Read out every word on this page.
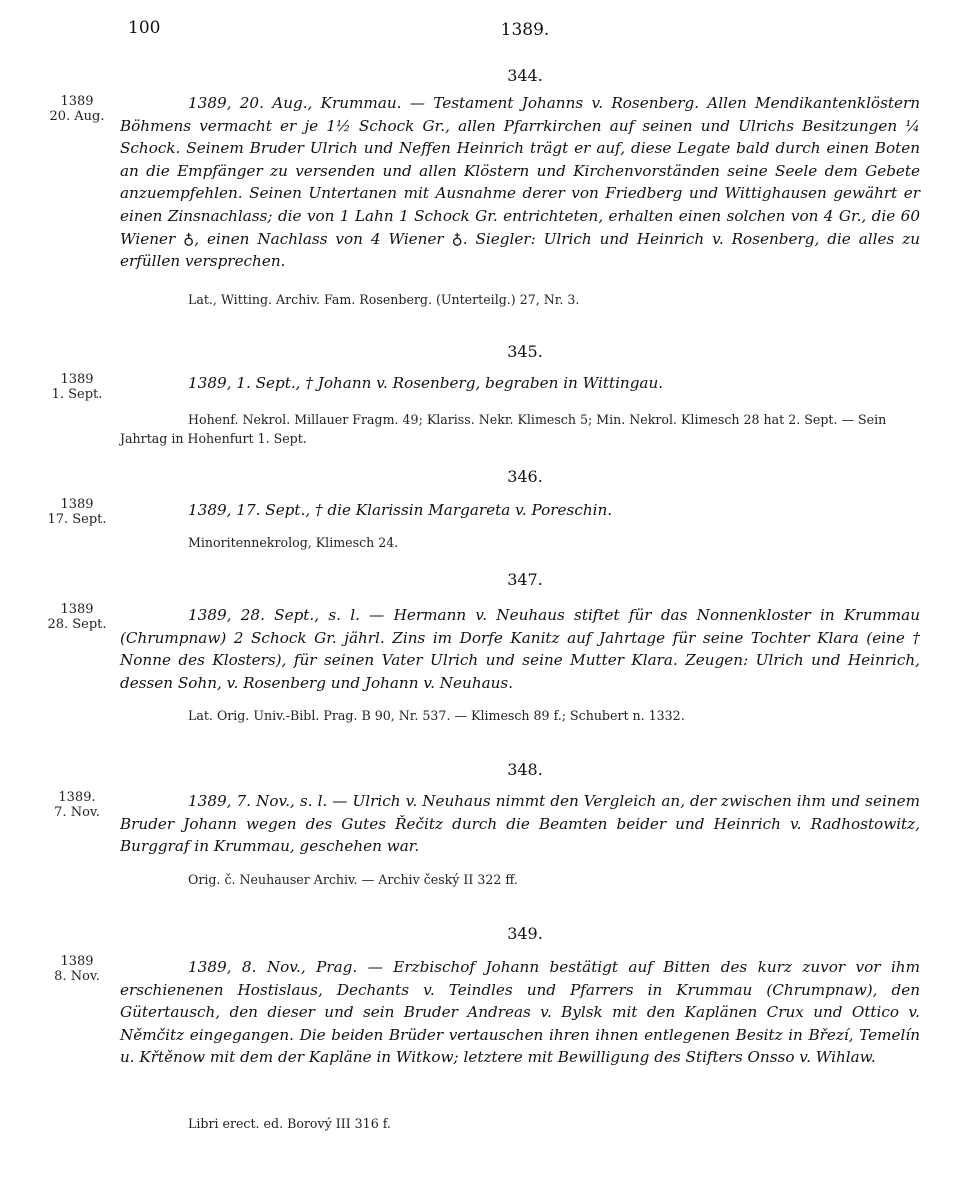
100	1389.
344.
1389
20. Aug.
1389, 20. Aug., Krummau. — Testament Johanns v. Rosenberg. Allen Mendikantenklöstern Böhmens vermacht er je 1½ Schock Gr., allen Pfarrkirchen auf seinen und Ulrichs Besitzungen ¼ Schock. Seinem Bruder Ulrich und Neffen Heinrich trägt er auf, diese Legate bald durch einen Boten an die Empfänger zu versenden und allen Klöstern und Kirchenvorständen seine Seele dem Gebete anzuempfehlen. Seinen Untertanen mit Ausnahme derer von Friedberg und Wittighausen gewährt er einen Zinsnachlass; die von 1 Lahn 1 Schock Gr. entrichteten, erhalten einen solchen von 4 Gr., die 60 Wiener ♁, einen Nachlass von 4 Wiener ♁. Siegler: Ulrich und Heinrich v. Rosenberg, die alles zu erfüllen versprechen.
Lat., Witting. Archiv. Fam. Rosenberg. (Unterteilg.) 27, Nr. 3.
345.
1389
1. Sept.
1389, 1. Sept., † Johann v. Rosenberg, begraben in Wittingau.
Hohenf. Nekrol. Millauer Fragm. 49; Klariss. Nekr. Klimesch 5; Min. Nekrol. Klimesch 28 hat 2. Sept. — Sein Jahrtag in Hohenfurt 1. Sept.
346.
1389
17. Sept.
1389, 17. Sept., † die Klarissin Margareta v. Poreschin.
Minoritennekrolog, Klimesch 24.
347.
1389
28. Sept.
1389, 28. Sept., s. l. — Hermann v. Neuhaus stiftet für das Nonnenkloster in Krummau (Chrumpnaw) 2 Schock Gr. jährl. Zins im Dorfe Kanitz auf Jahrtage für seine Tochter Klara (eine † Nonne des Klosters), für seinen Vater Ulrich und seine Mutter Klara. Zeugen: Ulrich und Heinrich, dessen Sohn, v. Rosenberg und Johann v. Neuhaus.
Lat. Orig. Univ.-Bibl. Prag. B 90, Nr. 537. — Klimesch 89 f.; Schubert n. 1332.
348.
1389.
7. Nov.
1389, 7. Nov., s. l. — Ulrich v. Neuhaus nimmt den Vergleich an, der zwischen ihm und seinem Bruder Johann wegen des Gutes Řečitz durch die Beamten beider und Heinrich v. Radhostowitz, Burggraf in Krummau, geschehen war.
Orig. č. Neuhauser Archiv. — Archiv český II 322 ff.
349.
1389
8. Nov.
1389, 8. Nov., Prag. — Erzbischof Johann bestätigt auf Bitten des kurz zuvor vor ihm erschienenen Hostislaus, Dechants v. Teindles und Pfarrers in Krummau (Chrumpnaw), den Gütertausch, den dieser und sein Bruder Andreas v. Bylsk mit den Kaplänen Crux und Ottico v. Němčitz eingegangen. Die beiden Brüder vertauschen ihren ihnen entlegenen Besitz in Březí, Temelín u. Křtěnow mit dem der Kapläne in Witkow; letztere mit Bewilligung des Stifters Onsso v. Wihlaw.
Libri erect. ed. Borový III 316 f.
